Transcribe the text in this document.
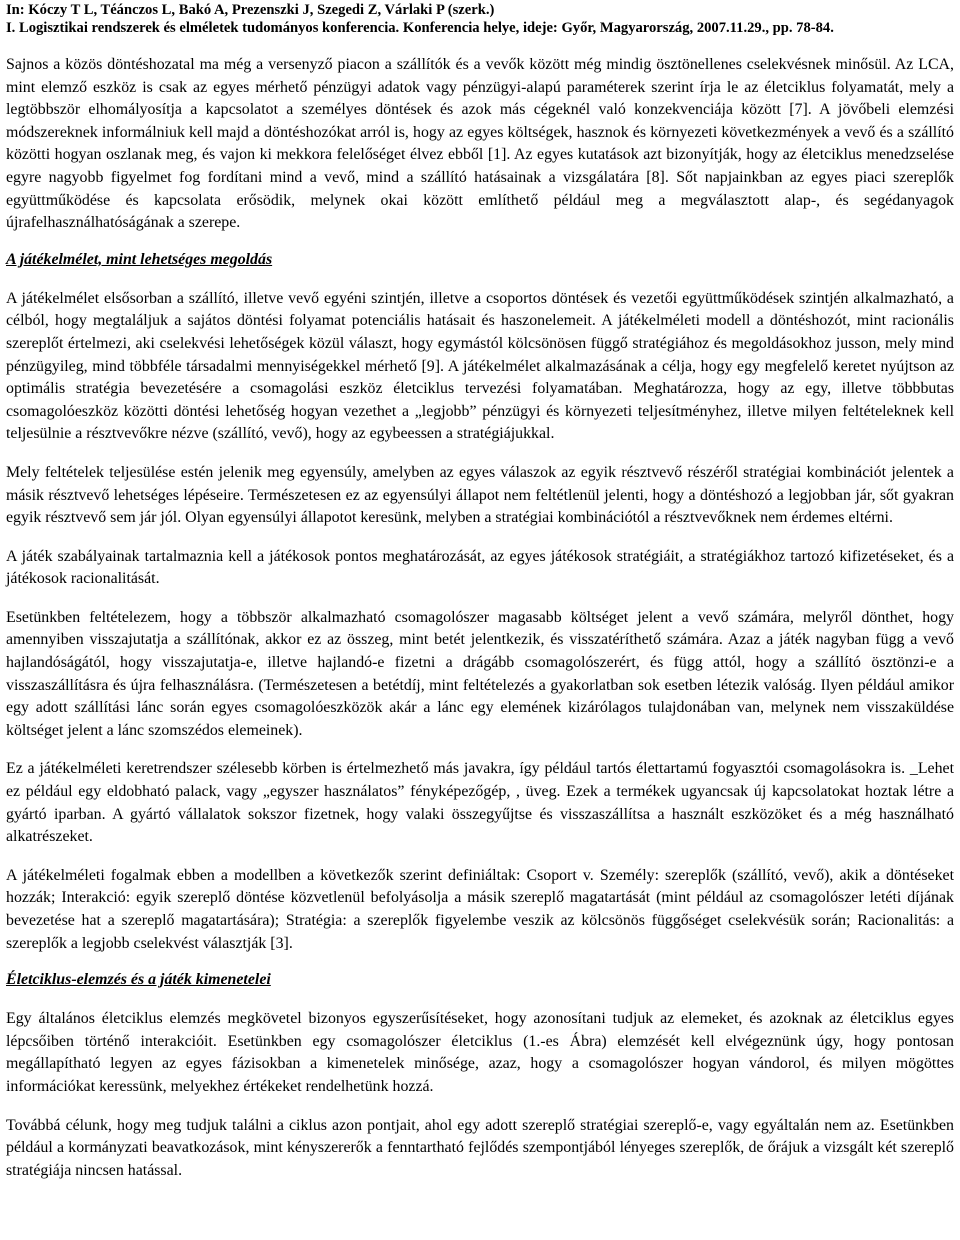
In: Kóczy T L, Téánczos L, Bakó A, Prezenszki J, Szegedi Z, Várlaki P (szerk.)
I. Logisztikai rendszerek és elméletek tudományos konferencia. Konferencia helye, ideje: Győr, Magyarország, 2007.11.29., pp. 78-84.

Sajnos a közös döntéshozatal ma még a versenyző piacon a szállítók és a vevők között még mindig ösztönellenes cselekvésnek minősül. Az LCA, mint elemző eszköz is csak az egyes mérhető pénzügyi adatok vagy pénzügyi-alapú paraméterek szerint írja le az életciklus folyamatát, mely a legtöbbször elhomályosítja a kapcsolatot a személyes döntések és azok más cégeknél való konzekvenciája között [7]. A jövőbeli elemzési módszereknek informálniuk kell majd a döntéshozókat arról is, hogy az egyes költségek, hasznok és környezeti következmények a vevő és a szállító közötti hogyan oszlanak meg, és vajon ki mekkora felelőséget élvez ebből [1]. Az egyes kutatások azt bizonyítják, hogy az életciklus menedzselése egyre nagyobb figyelmet fog fordítani mind a vevő, mind a szállító hatásainak a vizsgálatára [8]. Sőt napjainkban az egyes piaci szereplők együttműködése és kapcsolata erősödik, melynek okai között említhető például meg a megválasztott alap-, és segédanyagok újrafelhasználhatóságának a szerepe.

A játékelmélet, mint lehetséges megoldás

A játékelmélet elsősorban a szállító, illetve vevő egyéni szintjén, illetve a csoportos döntések és vezetői együttműködések szintjén alkalmazható, a célból, hogy megtaláljuk a sajátos döntési folyamat potenciális hatásait és haszonelemeit. A játékelméleti modell a döntéshozót, mint racionális szereplőt értelmezi, aki cselekvési lehetőségek közül választ, hogy egymástól kölcsönösen függő stratégiához és megoldásokhoz jusson, mely mind pénzügyileg, mind többféle társadalmi mennyiségekkel mérhető [9]. A játékelmélet alkalmazásának a célja, hogy egy megfelelő keretet nyújtson az optimális stratégia bevezetésére a csomagolási eszköz életciklus tervezési folyamatában. Meghatározza, hogy az egy, illetve többbutas csomagolóeszköz közötti döntési lehetőség hogyan vezethet a „legjobb” pénzügyi és környezeti teljesítményhez, illetve milyen feltételeknek kell teljesülnie a résztvevőkre nézve (szállító, vevő), hogy az egybeessen a stratégiájukkal.

Mely feltételek teljesülése estén jelenik meg egyensúly, amelyben az egyes válaszok az egyik résztvevő részéről stratégiai kombinációt jelentek a másik résztvevő lehetséges lépéseire. Természetesen ez az egyensúlyi állapot nem feltétlenül jelenti, hogy a döntéshozó a legjobban jár, sőt gyakran egyik résztvevő sem jár jól. Olyan egyensúlyi állapotot keresünk, melyben a stratégiai kombinációtól a résztvevőknek nem érdemes eltérni.

A játék szabályainak tartalmaznia kell a játékosok pontos meghatározását, az egyes játékosok stratégiáit, a stratégiákhoz tartozó kifizetéseket, és a játékosok racionalitását.

Esetünkben feltételezem, hogy a többször alkalmazható csomagolószer magasabb költséget jelent a vevő számára, melyről dönthet, hogy amennyiben visszajutatja a szállítónak, akkor ez az összeg, mint betét jelentkezik, és visszatéríthető számára. Azaz a játék nagyban függ a vevő hajlandóságától, hogy visszajutatja-e, illetve hajlandó-e fizetni a drágább csomagolószerért, és függ attól, hogy a szállító ösztönzi-e a visszaszállításra és újra felhasználásra. (Természetesen a betétdíj, mint feltételezés a gyakorlatban sok esetben létezik valóság. Ilyen például amikor egy adott szállítási lánc során egyes csomagolóeszközök akár a lánc egy elemének kizárólagos tulajdonában van, melynek nem visszaküldése költséget jelent a lánc szomszédos elemeinek).

Ez a játékelméleti keretrendszer szélesebb körben is értelmezhető más javakra, így például tartós élettartamú fogyasztói csomagolásokra is. _Lehet ez például egy eldobható palack, vagy „egyszer használatos” fényképezőgép, , üveg. Ezek a termékek ugyancsak új kapcsolatokat hoztak létre a gyártó iparban. A gyártó vállalatok sokszor fizetnek, hogy valaki összegyűjtse és visszaszállítsa a használt eszközöket és a még használható alkatrészeket.

A játékelméleti fogalmak ebben a modellben a következők szerint definiáltak: Csoport v. Személy: szereplők (szállító, vevő), akik a döntéseket hozzák; Interakció: egyik szereplő döntése közvetlenül befolyásolja a másik szereplő magatartását (mint például az csomagolószer letéti díjának bevezetése hat a szereplő magatartására); Stratégia: a szereplők figyelembe veszik az kölcsönös függőséget cselekvésük során; Racionalitás: a szereplők a legjobb cselekvést választják [3].

Életciklus-elemzés és a játék kimenetelei

Egy általános életciklus elemzés megkövetel bizonyos egyszerűsítéseket, hogy azonosítani tudjuk az elemeket, és azoknak az életciklus egyes lépcsőiben történő interakcióit. Esetünkben egy csomagolószer életciklus (1.-es Ábra) elemzését kell elvégeznünk úgy, hogy pontosan megállapítható legyen az egyes fázisokban a kimenetelek minősége, azaz, hogy a csomagolószer hogyan vándorol, és milyen mögöttes információkat keressünk, melyekhez értékeket rendelhetünk hozzá.

Továbbá célunk, hogy meg tudjuk találni a ciklus azon pontjait, ahol egy adott szereplő stratégiai szereplő-e, vagy egyáltalán nem az. Esetünkben például a kormányzati beavatkozások, mint kényszererők a fenntartható fejlődés szempontjából lényeges szereplők, de őrájuk a vizsgált két szereplő stratégiája nincsen hatással.
